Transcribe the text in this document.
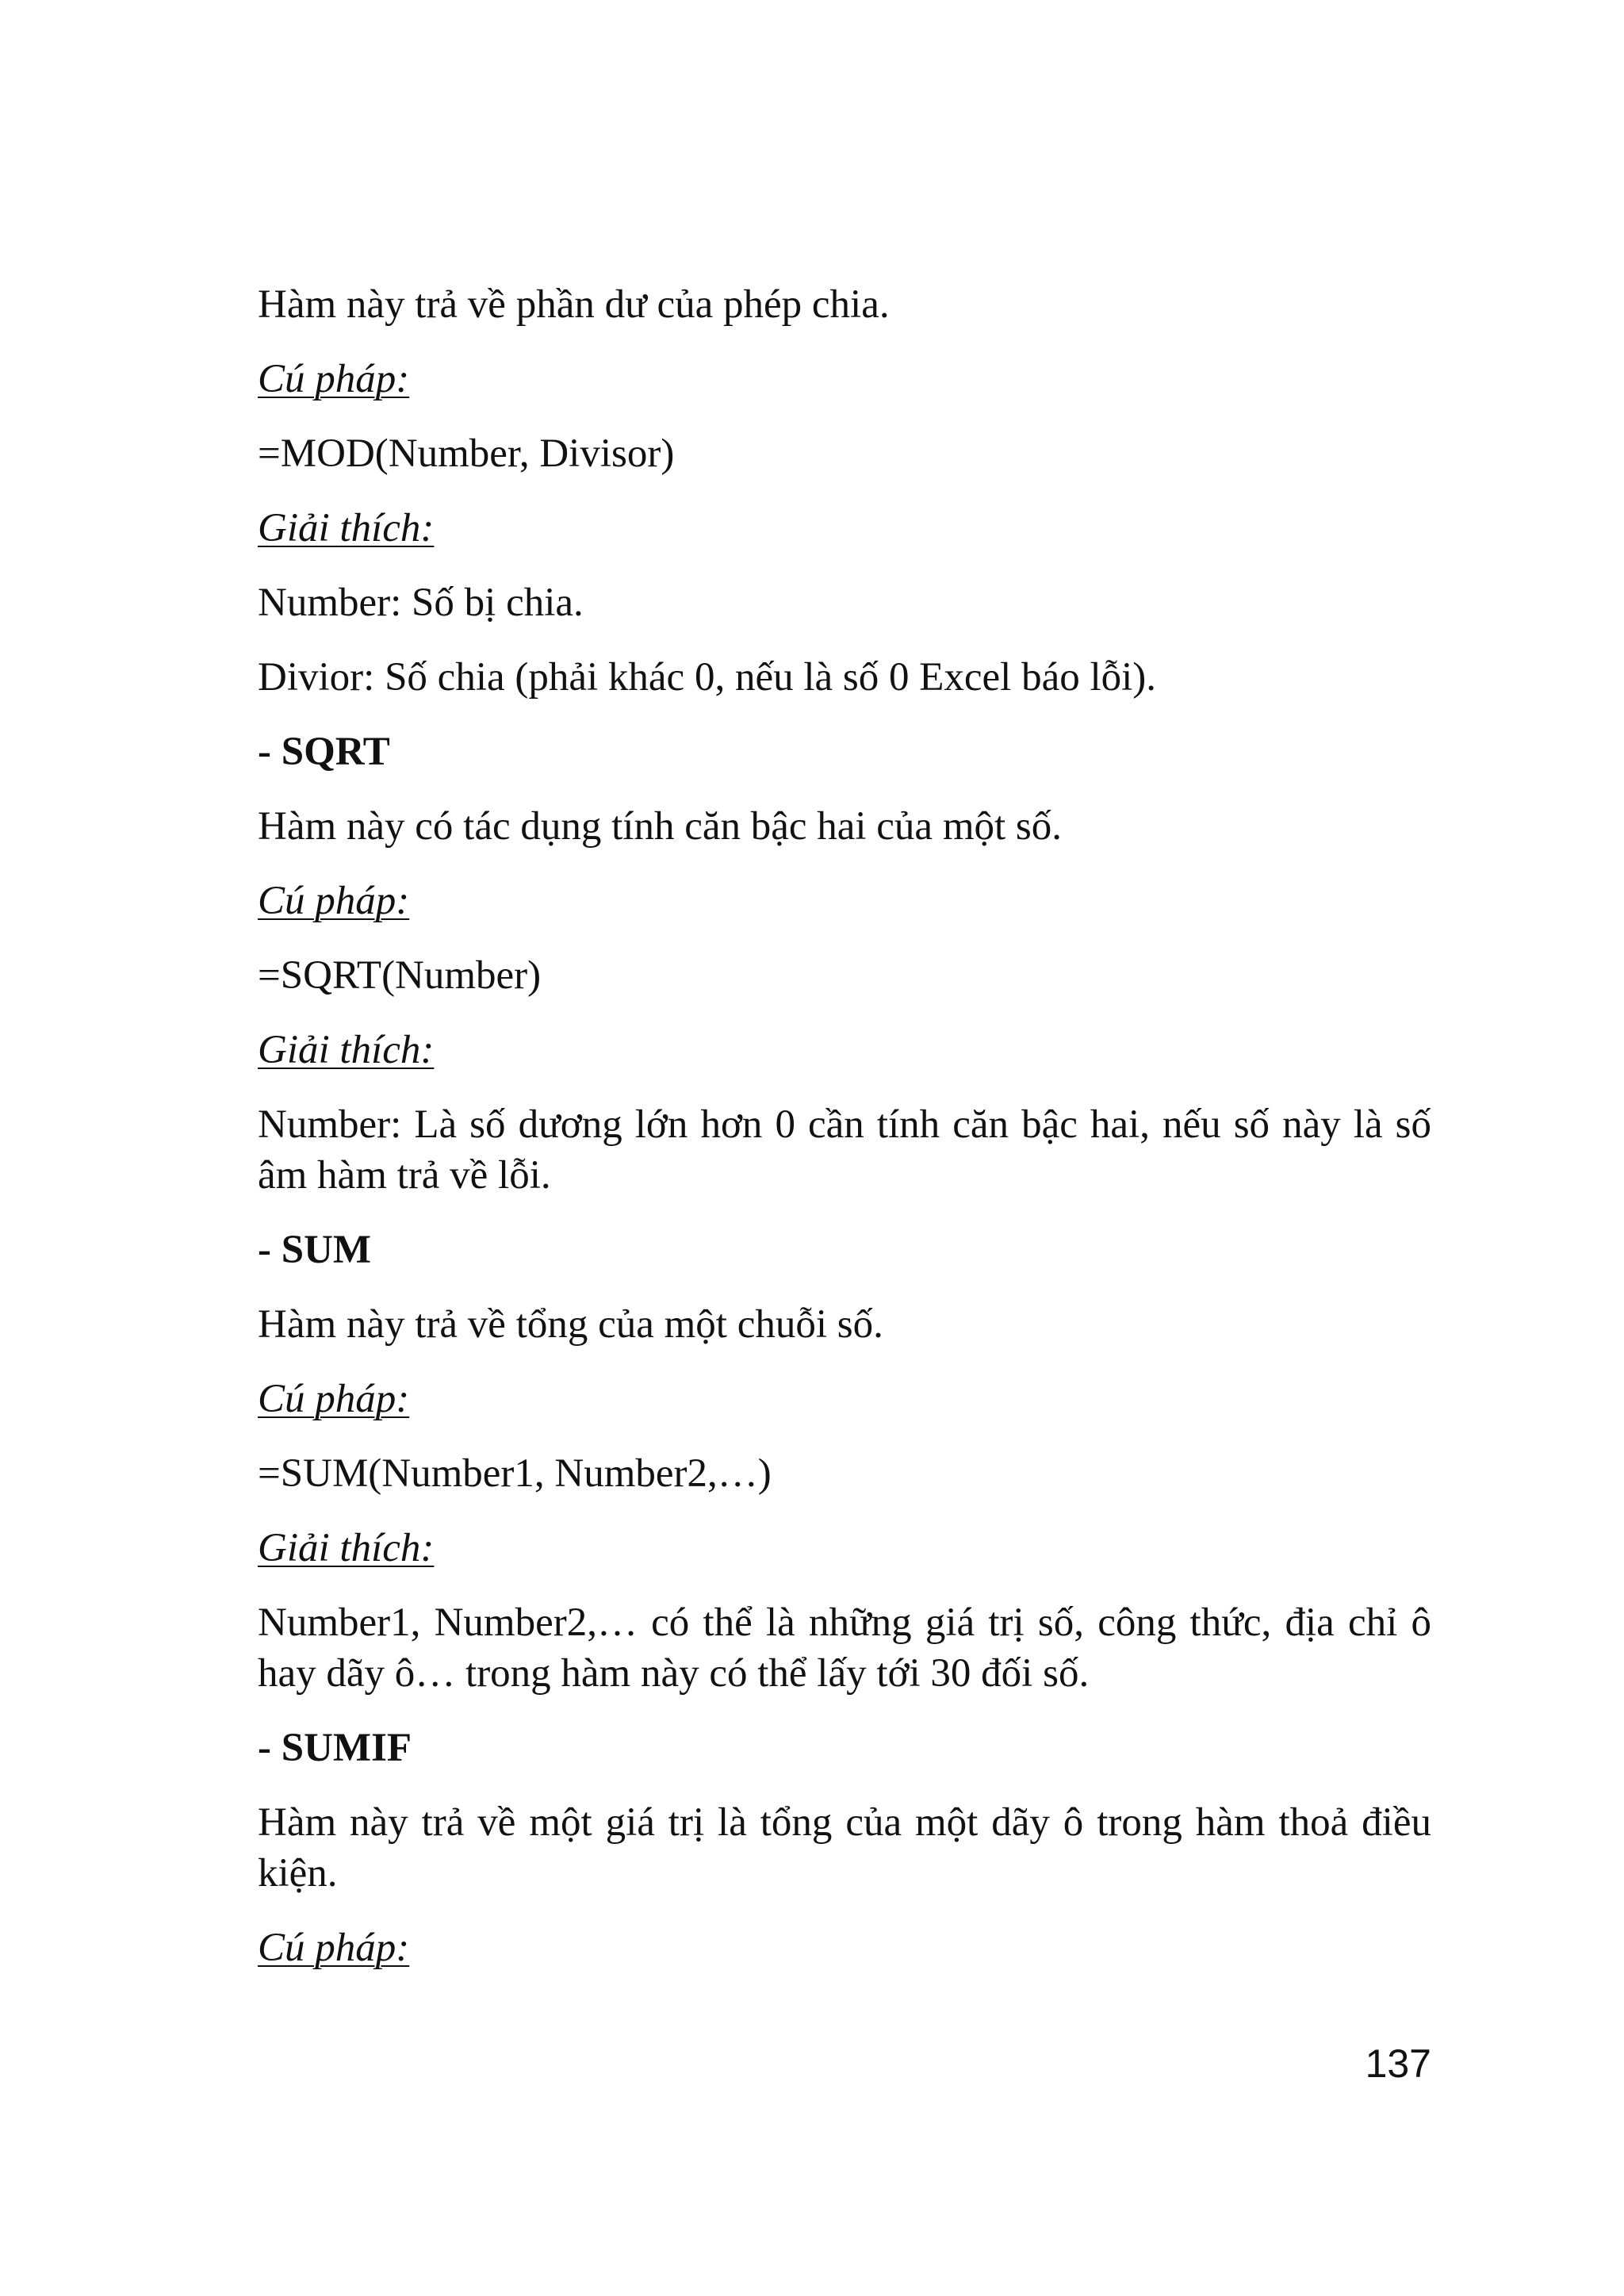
Hàm này trả về phần dư của phép chia.

Cú pháp:

=MOD(Number, Divisor)

Giải thích:

Number: Số bị chia.

Divior: Số chia (phải khác 0, nếu là số 0 Excel báo lỗi).

- SQRT

Hàm này có tác dụng tính căn bậc hai của một số.

Cú pháp:

=SQRT(Number)

Giải thích:

Number: Là số dương lớn hơn 0 cần tính căn bậc hai, nếu số này là số âm hàm trả về lỗi.

- SUM

Hàm này trả về tổng của một chuỗi số.

Cú pháp:

=SUM(Number1, Number2,…)

Giải thích:

Number1, Number2,… có thể là những giá trị số, công thức, địa chỉ ô hay dãy ô… trong hàm này có thể lấy tới 30 đối số.

- SUMIF

Hàm này trả về một giá trị là tổng của một dãy ô trong hàm thoả điều kiện.

Cú pháp:

137
